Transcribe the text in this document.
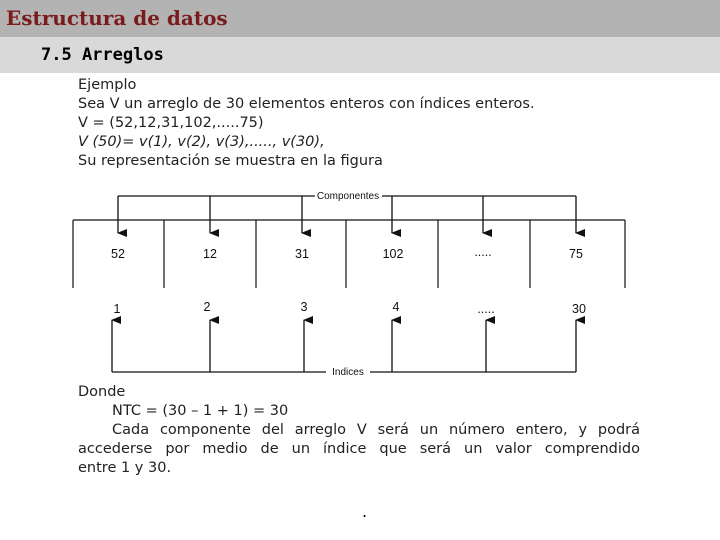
Estructura de datos
7.5 Arreglos
Ejemplo
Sea V un arreglo de 30 elementos enteros con índices enteros.
V = (52,12,31,102,.....75)
V (50)= v(1), v(2), v(3),....., v(30),
Su representación se muestra en la figura
Componentes
52	12	31	102	.....	75
1	2	3	4	.....	30
Indices
Donde
NTC = (30 – 1 + 1) = 30
Cada componente del arreglo V será un número entero, y podrá
accederse por medio de un índice que será un valor comprendido
entre 1 y 30.
.
